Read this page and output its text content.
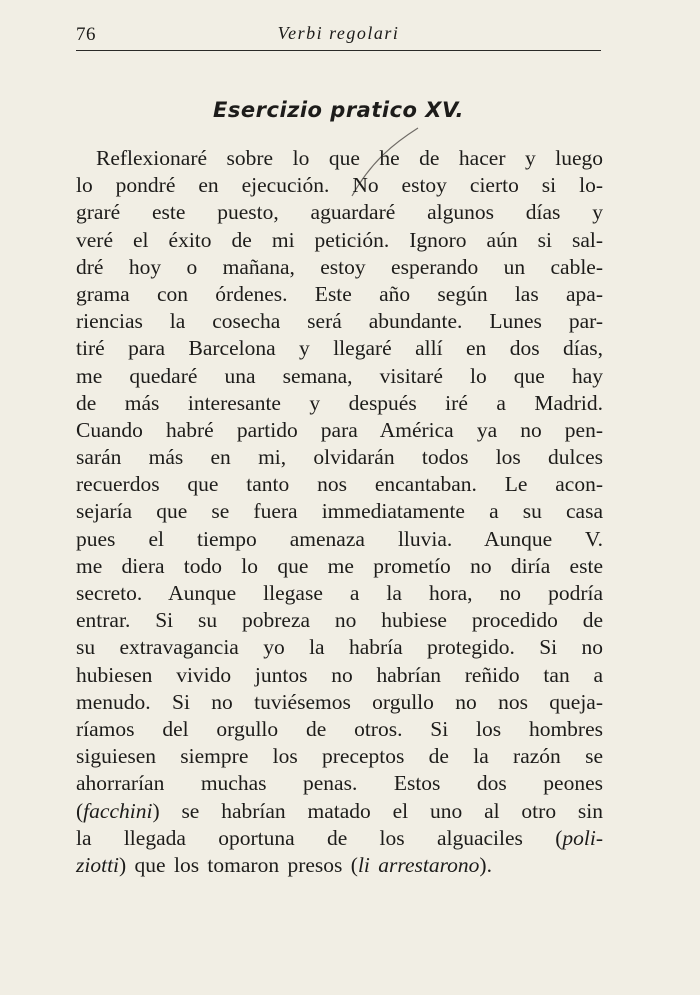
76	Verbi regolari
Esercizio pratico XV.
Reflexionaré sobre lo que he de hacer y luego
lo pondré en ejecución. No estoy cierto si lo-
graré este puesto, aguardaré algunos días y
veré el éxito de mi petición. Ignoro aún si sal-
dré hoy o mañana, estoy esperando un cable-
grama con órdenes. Este año según las apa-
riencias la cosecha será abundante. Lunes par-
tiré para Barcelona y llegaré allí en dos días,
me quedaré una semana, visitaré lo que hay
de más interesante y después iré a Madrid.
Cuando habré partido para América ya no pen-
sarán más en mi, olvidarán todos los dulces
recuerdos que tanto nos encantaban. Le acon-
sejaría que se fuera immediatamente a su casa
pues el tiempo amenaza lluvia. Aunque V.
me diera todo lo que me prometío no diría este
secreto. Aunque llegase a la hora, no podría
entrar. Si su pobreza no hubiese procedido de
su extravagancia yo la habría protegido. Si no
hubiesen vivido juntos no habrían reñido tan a
menudo. Si no tuviésemos orgullo no nos queja-
ríamos del orgullo de otros. Si los hombres
siguiesen siempre los preceptos de la razón se
ahorrarían muchas penas. Estos dos peones
(facchini) se habrían matado el uno al otro sin
la llegada oportuna de los alguaciles (poli-
ziotti) que los tomaron presos (li arrestarono).
